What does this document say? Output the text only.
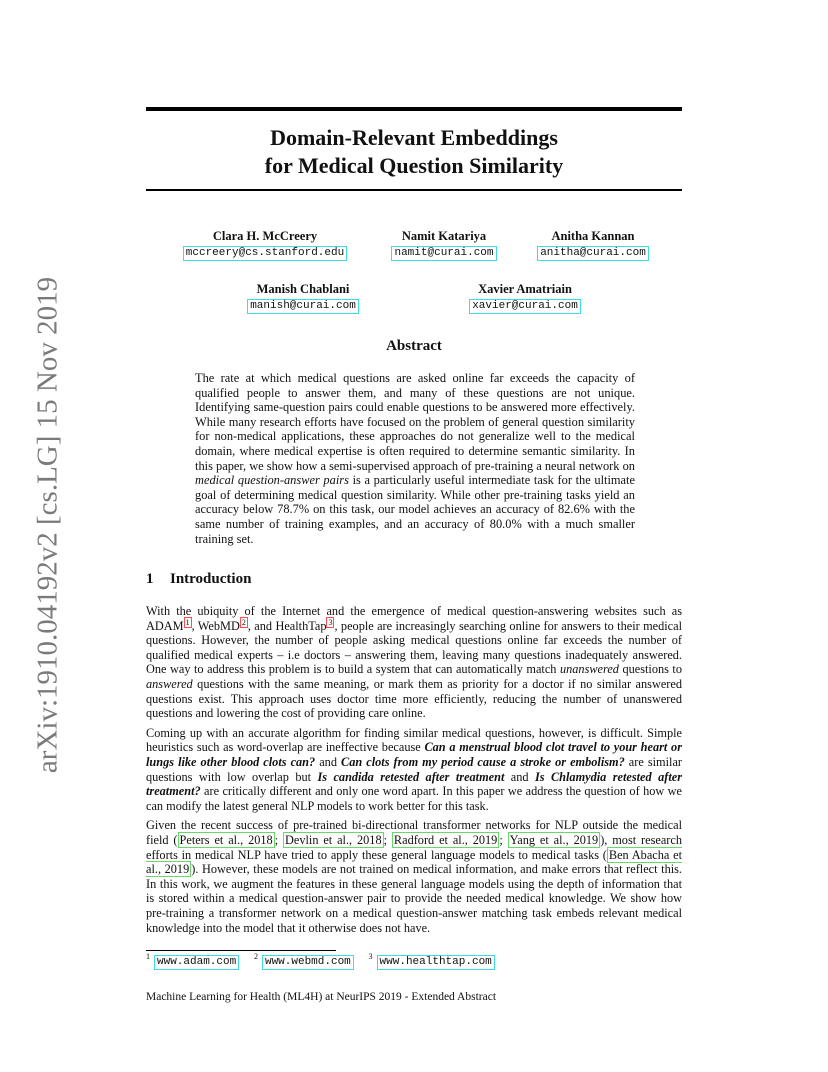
arXiv:1910.04192v2 [cs.LG] 15 Nov 2019
Domain-Relevant Embeddings
for Medical Question Similarity
Clara H. McCreery
mccreery@cs.stanford.edu
Namit Katariya
namit@curai.com
Anitha Kannan
anitha@curai.com
Manish Chablani
manish@curai.com
Xavier Amatriain
xavier@curai.com
Abstract
The rate at which medical questions are asked online far exceeds the capacity of qualified people to answer them, and many of these questions are not unique. Identifying same-question pairs could enable questions to be answered more effectively. While many research efforts have focused on the problem of general question similarity for non-medical applications, these approaches do not generalize well to the medical domain, where medical expertise is often required to determine semantic similarity. In this paper, we show how a semi-supervised approach of pre-training a neural network on medical question-answer pairs is a particularly useful intermediate task for the ultimate goal of determining medical question similarity. While other pre-training tasks yield an accuracy below 78.7% on this task, our model achieves an accuracy of 82.6% with the same number of training examples, and an accuracy of 80.0% with a much smaller training set.
1 Introduction

With the ubiquity of the Internet and the emergence of medical question-answering websites such as ADAM $^1$ , WebMD $^2$ , and HealthTap $^3$ , people are increasingly searching online for answers to their medical questions. However, the number of people asking medical questions online far exceeds the number of qualified medical experts – i.e doctors – answering them, leaving many questions inadequately answered. One way to address this problem is to build a system that can automatically match unanswered questions to answered questions with the same meaning, or mark them as priority for a doctor if no similar answered questions exist. This approach uses doctor time more efficiently, reducing the number of unanswered questions and lowering the cost of providing care online.

Coming up with an accurate algorithm for finding similar medical questions, however, is difficult. Simple heuristics such as word-overlap are ineffective because Can a menstrual blood clot travel to your heart or lungs like other blood clots can? and Can clots from my period cause a stroke or embolism? are similar questions with low overlap but Is candida retested after treatment and Is Chlamydia retested after treatment? are critically different and only one word apart. In this paper we address the question of how we can modify the latest general NLP models to work better for this task.

Given the recent success of pre-trained bi-directional transformer networks for NLP outside the medical field ( Peters et al., 2018 ; Devlin et al., 2018 ; Radford et al., 2019 ; Yang et al., 2019 ), most research efforts in medical NLP have tried to apply these general language models to medical tasks ( Ben Abacha et al., 2019 ). However, these models are not trained on medical information, and make errors that reflect this. In this work, we augment the features in these general language models using the depth of information that is stored within a medical question-answer pair to provide the needed medical knowledge. We show how pre-training a transformer network on a medical question-answer matching task embeds relevant medical knowledge into the model that it otherwise does not have.

$^1$ www.adam.com $^2$ www.webmd.com $^3$ www.healthtap.com
Machine Learning for Health (ML4H) at NeurIPS 2019 - Extended Abstract
